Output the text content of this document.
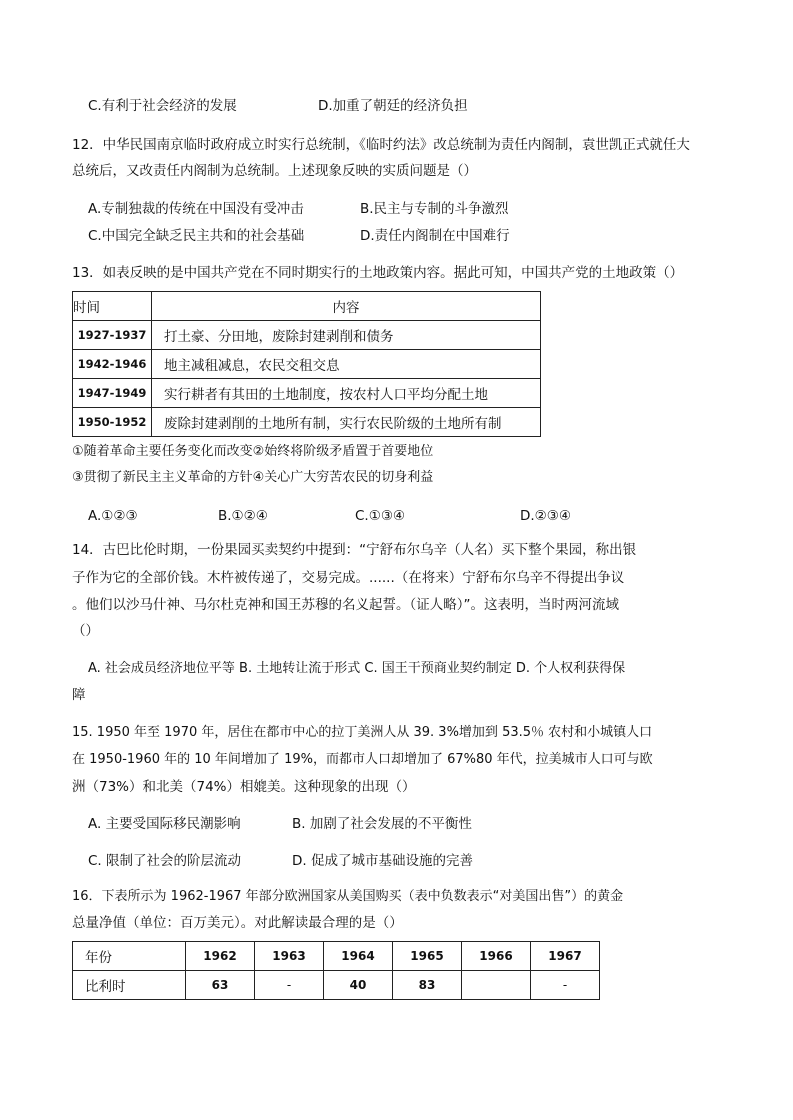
C.有利于社会经济的发展	D.加重了朝廷的经济负担
12．中华民国南京临时政府成立时实行总统制，《临时约法》改总统制为责任内阁制，袁世凯正式就任大
总统后，又改责任内阁制为总统制。上述现象反映的实质问题是（）
A.专制独裁的传统在中国没有受冲击	B.民主与专制的斗争激烈
C.中国完全缺乏民主共和的社会基础	D.责任内阁制在中国难行
13．如表反映的是中国共产党在不同时期实行的土地政策内容。据此可知，中国共产党的土地政策（）
时间	内容
1927-1937	打土豪、分田地，废除封建剥削和债务
1942-1946	地主减租减息，农民交租交息
1947-1949	实行耕者有其田的土地制度，按农村人口平均分配土地
1950-1952	废除封建剥削的土地所有制，实行农民阶级的土地所有制
①随着革命主要任务变化而改变②始终将阶级矛盾置于首要地位
③贯彻了新民主主义革命的方针④关心广大穷苦农民的切身利益
A.①②③	B.①②④	C.①③④	D.②③④
14．古巴比伦时期，一份果园买卖契约中提到：“宁舒布尔乌辛（人名）买下整个果园，称出银
子作为它的全部价钱。木杵被传递了，交易完成。......（在将来）宁舒布尔乌辛不得提出争议
。他们以沙马什神、马尔杜克神和国王苏穆的名义起誓。（证人略）”。这表明，当时两河流域
（）
A. 社会成员经济地位平等 B. 土地转让流于形式 C. 国王干预商业契约制定 D. 个人权利获得保
障
15. 1950 年至 1970 年，居住在都市中心的拉丁美洲人从 39. 3%增加到 53.5％ 农村和小城镇人口
在 1950-1960 年的 10 年间增加了 19%，而都市人口却增加了 67%80 年代，拉美城市人口可与欧
洲（73%）和北美（74%）相媲美。这种现象的出现（）
A. 主要受国际移民潮影响	B. 加剧了社会发展的不平衡性
C. 限制了社会的阶层流动	D. 促成了城市基础设施的完善
16．下表所示为 1962-1967 年部分欧洲国家从美国购买（表中负数表示“对美国出售”）的黄金
总量净值（单位：百万美元）。对此解读最合理的是（）
年份	1962	1963	1964	1965	1966	1967
比利时	63	-	40	83		-
